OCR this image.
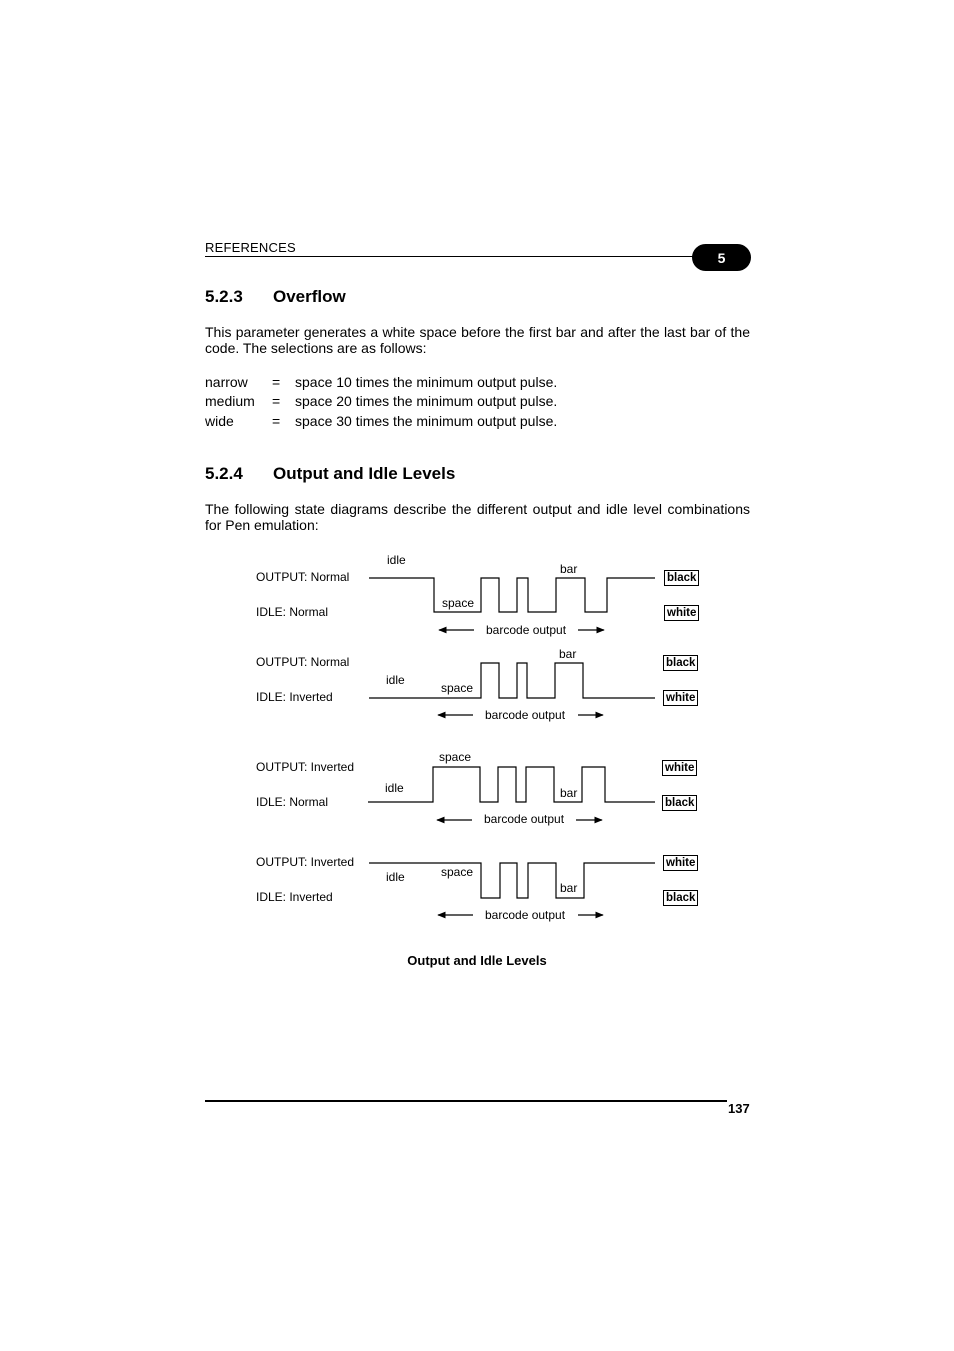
REFERENCES
5
5.2.3 Overflow
This parameter generates a white space before the first bar and after the last bar of the code. The selections are as follows:
narrow = space 10 times the minimum output pulse.
medium = space 20 times the minimum output pulse.
wide	= space 30 times the minimum output pulse.
5.2.4 Output and Idle Levels
The following state diagrams describe the different output and idle level combinations for Pen emulation:
OUTPUT: Normal
IDLE: Normal
idle
space
bar
barcode output
black
white
OUTPUT: Normal
IDLE: Inverted
idle
space
bar
barcode output
black
white
OUTPUT: Inverted
IDLE: Normal
idle
space
bar
barcode output
white
black
OUTPUT: Inverted
IDLE: Inverted
idle	space
bar
barcode output
white
black
Output and Idle Levels
137
